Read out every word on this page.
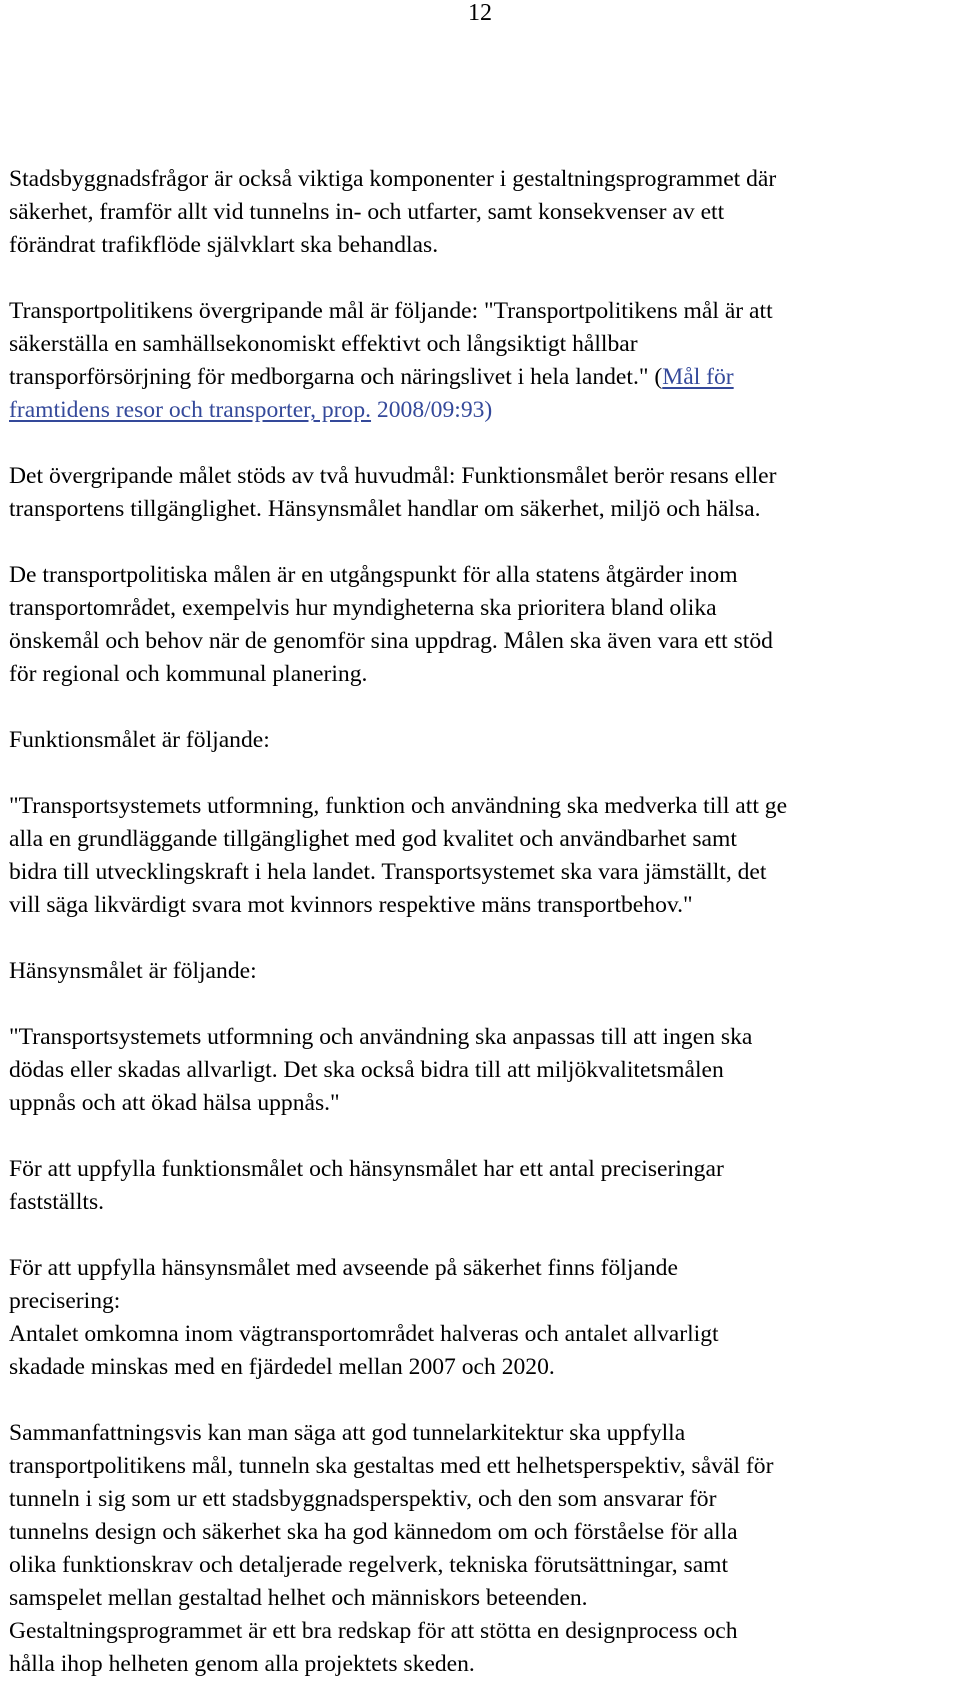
12

Stadsbyggnadsfrågor är också viktiga komponenter i gestaltningsprogrammet där
säkerhet, framför allt vid tunnelns in- och utfarter, samt konsekvenser av ett
förändrat trafikflöde självklart ska behandlas.

Transportpolitikens övergripande mål är följande: "Transportpolitikens mål är att
säkerställa en samhällsekonomiskt effektivt och långsiktigt hållbar
transporförsörjning för medborgarna och näringslivet i hela landet." (Mål för
framtidens resor och transporter, prop. 2008/09:93)

Det övergripande målet stöds av två huvudmål: Funktionsmålet berör resans eller
transportens tillgänglighet. Hänsynsmålet handlar om säkerhet, miljö och hälsa.

De transportpolitiska målen är en utgångspunkt för alla statens åtgärder inom
transportområdet, exempelvis hur myndigheterna ska prioritera bland olika
önskemål och behov när de genomför sina uppdrag. Målen ska även vara ett stöd
för regional och kommunal planering.

Funktionsmålet är följande:

"Transportsystemets utformning, funktion och användning ska medverka till att ge
alla en grundläggande tillgänglighet med god kvalitet och användbarhet samt
bidra till utvecklingskraft i hela landet. Transportsystemet ska vara jämställt, det
vill säga likvärdigt svara mot kvinnors respektive mäns transportbehov."

Hänsynsmålet är följande:

"Transportsystemets utformning och användning ska anpassas till att ingen ska
dödas eller skadas allvarligt. Det ska också bidra till att miljökvalitetsmålen
uppnås och att ökad hälsa uppnås."

För att uppfylla funktionsmålet och hänsynsmålet har ett antal preciseringar
fastställts.

För att uppfylla hänsynsmålet med avseende på säkerhet finns följande
precisering:
Antalet omkomna inom vägtransportområdet halveras och antalet allvarligt
skadade minskas med en fjärdedel mellan 2007 och 2020.

Sammanfattningsvis kan man säga att god tunnelarkitektur ska uppfylla
transportpolitikens mål, tunneln ska gestaltas med ett helhetsperspektiv, såväl för
tunneln i sig som ur ett stadsbyggnadsperspektiv, och den som ansvarar för
tunnelns design och säkerhet ska ha god kännedom om och förståelse för alla
olika funktionskrav och detaljerade regelverk, tekniska förutsättningar, samt
samspelet mellan gestaltad helhet och människors beteenden.
Gestaltningsprogrammet är ett bra redskap för att stötta en designprocess och
hålla ihop helheten genom alla projektets skeden.
